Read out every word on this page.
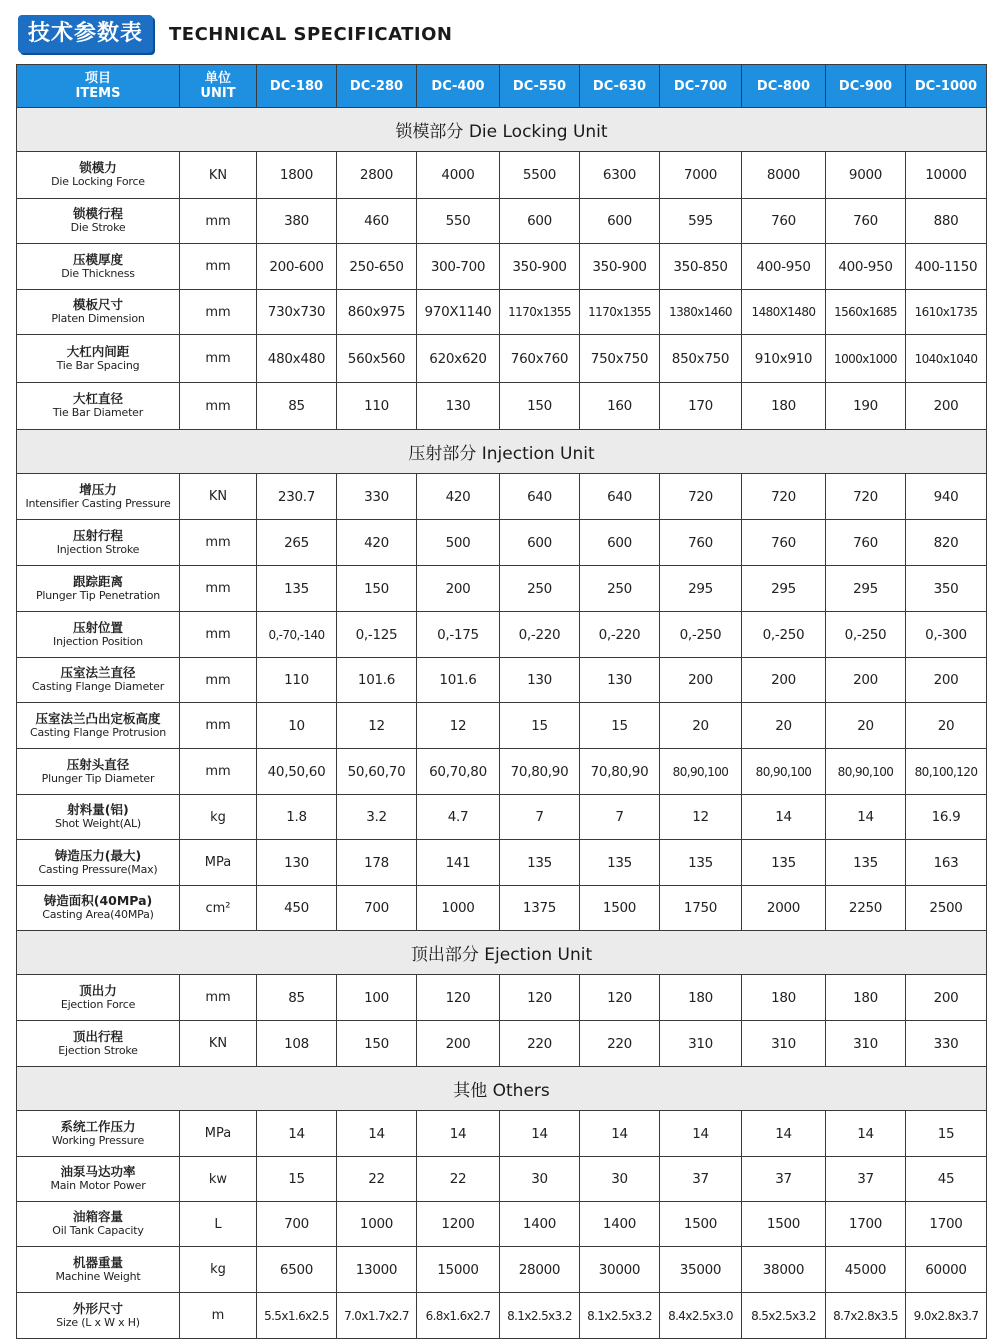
技术参数表	TECHNICAL SPECIFICATION
项目
ITEMS	单位
UNIT	DC-180	DC-280	DC-400	DC-550	DC-630	DC-700	DC-800	DC-900	DC-1000
锁模部分 Die Locking Unit										

锁模力
Die Locking Force	KN	1800	2800	4000	5500	6300	7000	8000	9000	10000

锁模行程
Die Stroke	mm	380	460	550	600	600	595	760	760	880

压模厚度
Die Thickness	mm	200-600	250-650	300-700	350-900	350-900	350-850	400-950	400-950	400-1150

模板尺寸
Platen Dimension	mm	730x730	860x975	970X1140	1170x1355	1170x1355	1380x1460	1480X1480	1560x1685	1610x1735

大杠内间距
Tie Bar Spacing	mm	480x480	560x560	620x620	760x760	750x750	850x750	910x910	1000x1000	1040x1040

大杠直径
Tie Bar Diameter	mm	85	110	130	150	160	170	180	190	200
压射部分 Injection Unit										

增压力
Intensifier Casting Pressure	KN	230.7	330	420	640	640	720	720	720	940

压射行程
Injection Stroke	mm	265	420	500	600	600	760	760	760	820

跟踪距离
Plunger Tip Penetration	mm	135	150	200	250	250	295	295	295	350

压射位置
Injection Position	mm	0,-70,-140	0,-125	0,-175	0,-220	0,-220	0,-250	0,-250	0,-250	0,-300

压室法兰直径
Casting Flange Diameter	mm	110	101.6	101.6	130	130	200	200	200	200

压室法兰凸出定板高度
Casting Flange Protrusion	mm	10	12	12	15	15	20	20	20	20

压射头直径
Plunger Tip Diameter	mm	40,50,60	50,60,70	60,70,80	70,80,90	70,80,90	80,90,100	80,90,100	80,90,100	80,100,120

射料量(铝)
Shot Weight(AL)	kg	1.8	3.2	4.7	7	7	12	14	14	16.9

铸造压力(最大)
Casting Pressure(Max)	MPa	130	178	141	135	135	135	135	135	163

铸造面积(40MPa)
Casting Area(40MPa)	cm²	450	700	1000	1375	1500	1750	2000	2250	2500
顶出部分 Ejection Unit										

顶出力
Ejection Force	mm	85	100	120	120	120	180	180	180	200

顶出行程
Ejection Stroke	KN	108	150	200	220	220	310	310	310	330
其他 Others										

系统工作压力
Working Pressure	MPa	14	14	14	14	14	14	14	14	15

油泵马达功率
Main Motor Power	kw	15	22	22	30	30	37	37	37	45

油箱容量
Oil Tank Capacity	L	700	1000	1200	1400	1400	1500	1500	1700	1700

机器重量
Machine Weight	kg	6500	13000	15000	28000	30000	35000	38000	45000	60000

外形尺寸
Size (L x W x H)	m	5.5x1.6x2.5	7.0x1.7x2.7	6.8x1.6x2.7	8.1x2.5x3.2	8.1x2.5x3.2	8.4x2.5x3.0	8.5x2.5x3.2	8.7x2.8x3.5	9.0x2.8x3.7
